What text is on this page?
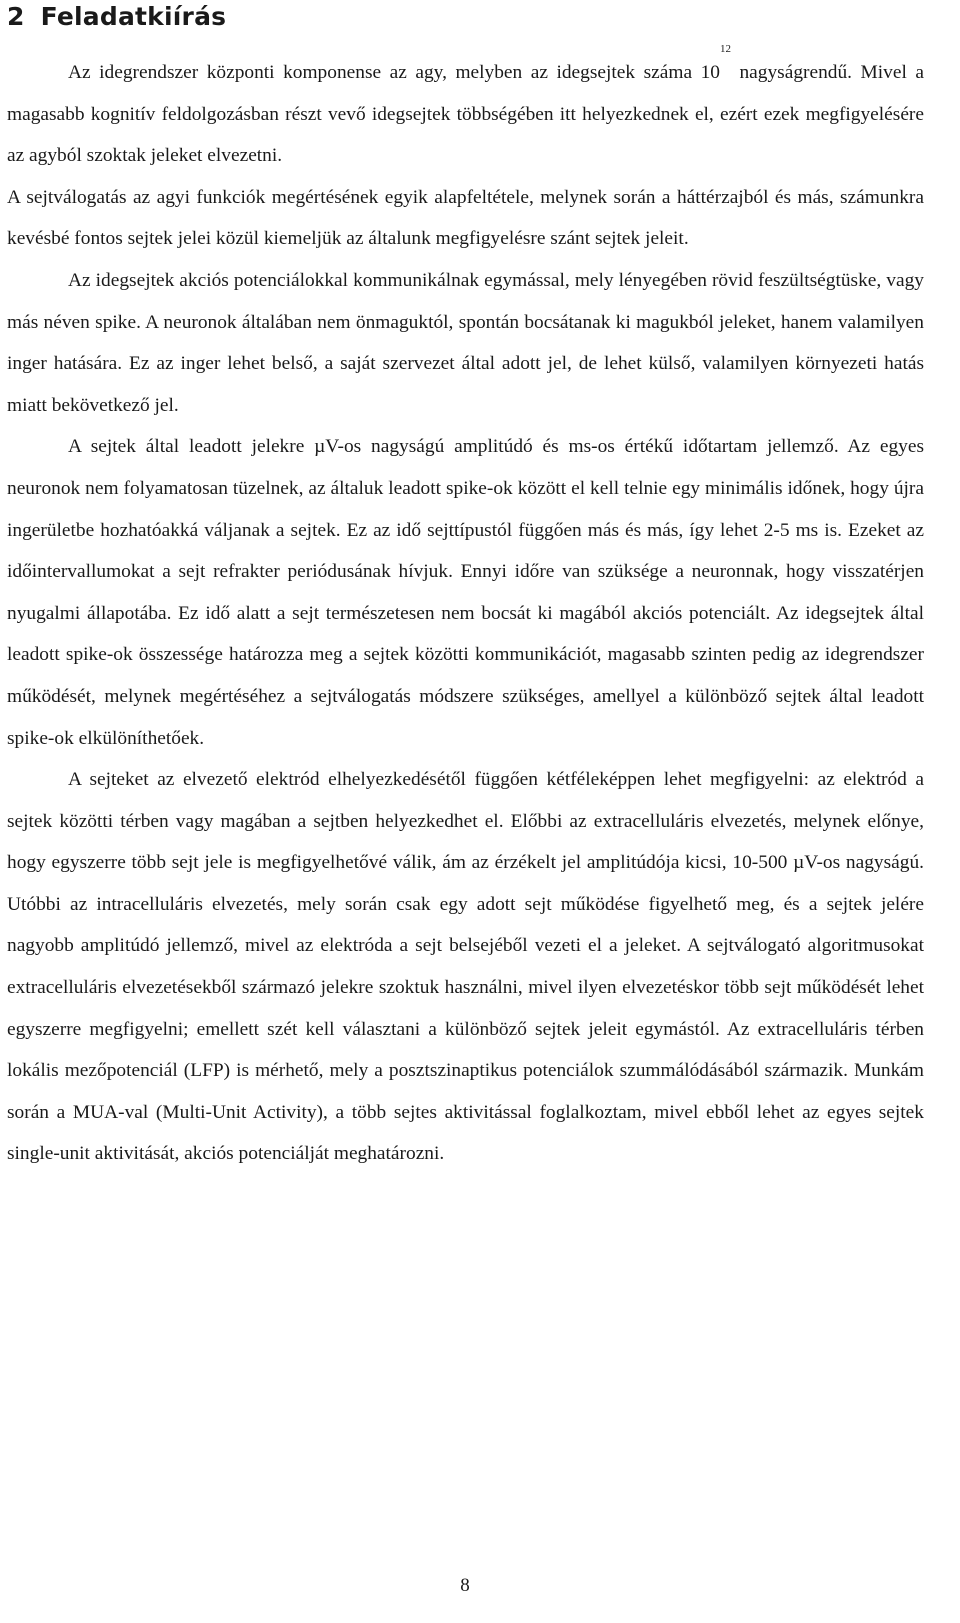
2 Feladatkiírás

Az idegrendszer központi komponense az agy, melyben az idegsejtek száma $10^{12}$ nagyságrendű. Mivel a magasabb kognitív feldolgozásban részt vevő idegsejtek többségében itt helyezkednek el, ezért ezek megfigyelésére az agyból szoktak jeleket elvezetni.

A sejtválogatás az agyi funkciók megértésének egyik alapfeltétele, melynek során a háttérzajból és más, számunkra kevésbé fontos sejtek jelei közül kiemeljük az általunk megfigyelésre szánt sejtek jeleit.

Az idegsejtek akciós potenciálokkal kommunikálnak egymással, mely lényegében rövid feszültségtüske, vagy más néven spike. A neuronok általában nem önmaguktól, spontán bocsátanak ki magukból jeleket, hanem valamilyen inger hatására. Ez az inger lehet belső, a saját szervezet által adott jel, de lehet külső, valamilyen környezeti hatás miatt bekövetkező jel.

A sejtek által leadott jelekre µV-os nagyságú amplitúdó és ms-os értékű időtartam jellemző. Az egyes neuronok nem folyamatosan tüzelnek, az általuk leadott spike-ok között el kell telnie egy minimális időnek, hogy újra ingerületbe hozhatóakká váljanak a sejtek. Ez az idő sejttípustól függően más és más, így lehet 2-5 ms is. Ezeket az időintervallumokat a sejt refrakter periódusának hívjuk. Ennyi időre van szüksége a neuronnak, hogy visszatérjen nyugalmi állapotába. Ez idő alatt a sejt természetesen nem bocsát ki magából akciós potenciált. Az idegsejtek által leadott spike-ok összessége határozza meg a sejtek közötti kommunikációt, magasabb szinten pedig az idegrendszer működését, melynek megértéséhez a sejtválogatás módszere szükséges, amellyel a különböző sejtek által leadott spike-ok elkülöníthetőek.

A sejteket az elvezető elektród elhelyezkedésétől függően kétféleképpen lehet megfigyelni: az elektród a sejtek közötti térben vagy magában a sejtben helyezkedhet el. Előbbi az extracelluláris elvezetés, melynek előnye, hogy egyszerre több sejt jele is megfigyelhetővé válik, ám az érzékelt jel amplitúdója kicsi, 10-500 µV-os nagyságú. Utóbbi az intracelluláris elvezetés, mely során csak egy adott sejt működése figyelhető meg, és a sejtek jelére nagyobb amplitúdó jellemző, mivel az elektróda a sejt belsejéből vezeti el a jeleket. A sejtválogató algoritmusokat extracelluláris elvezetésekből származó jelekre szoktuk használni, mivel ilyen elvezetéskor több sejt működését lehet egyszerre megfigyelni; emellett szét kell választani a különböző sejtek jeleit egymástól. Az extracelluláris térben lokális mezőpotenciál (LFP) is mérhető, mely a posztszinaptikus potenciálok szummálódásából származik. Munkám során a MUA-val (Multi-Unit Activity), a több sejtes aktivitással foglalkoztam, mivel ebből lehet az egyes sejtek single-unit aktivitását, akciós potenciálját meghatározni.

8
